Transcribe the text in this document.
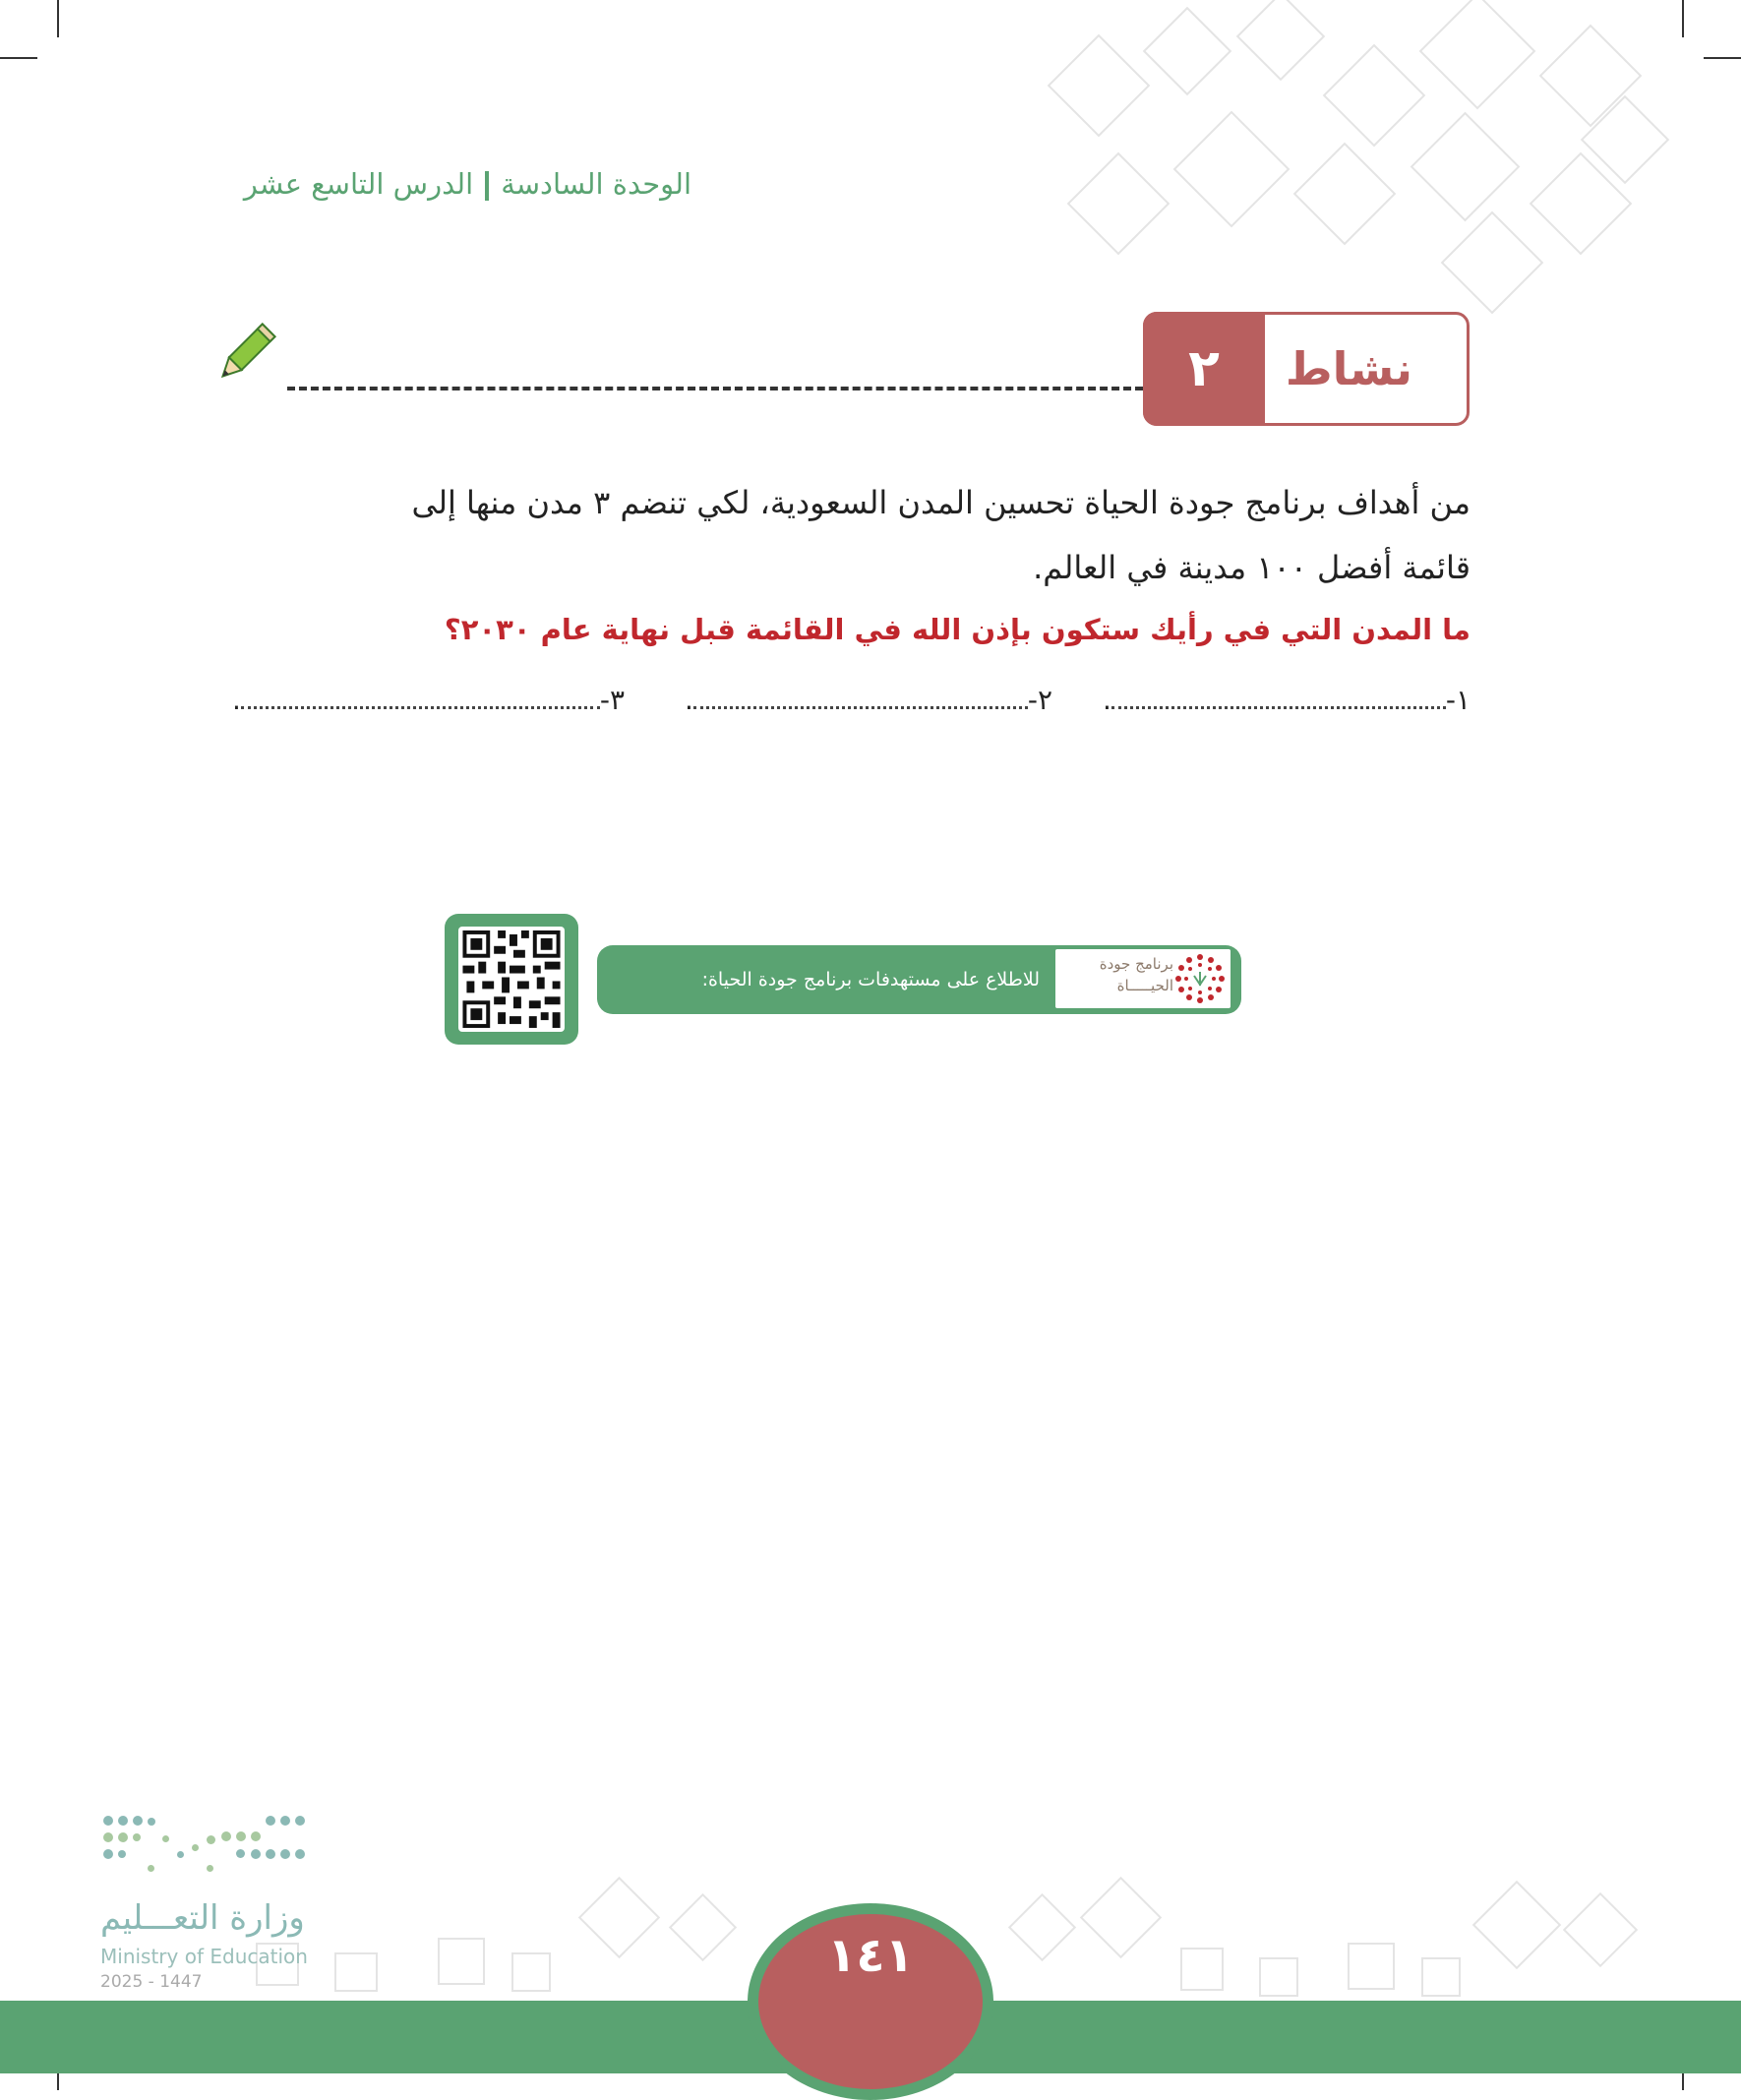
الوحدة السادسةالدرس التاسع عشر
٢	نشاط
من أهداف برنامج جودة الحياة تحسين المدن السعودية، لكي تنضم ٣ مدن منها إلى
قائمة أفضل ١٠٠ مدينة في العالم.
ما المدن التي في رأيك ستكون بإذن الله في القائمة قبل نهاية عام ٢٠٣٠؟
١-.
٢-.
٣-.
للاطلاع على مستهدفات برنامج جودة الحياة:
برنامج جودة
الحيـــــاة
وزارة التعـــليم
Ministry of Education
2025 - 1447	١٤١
